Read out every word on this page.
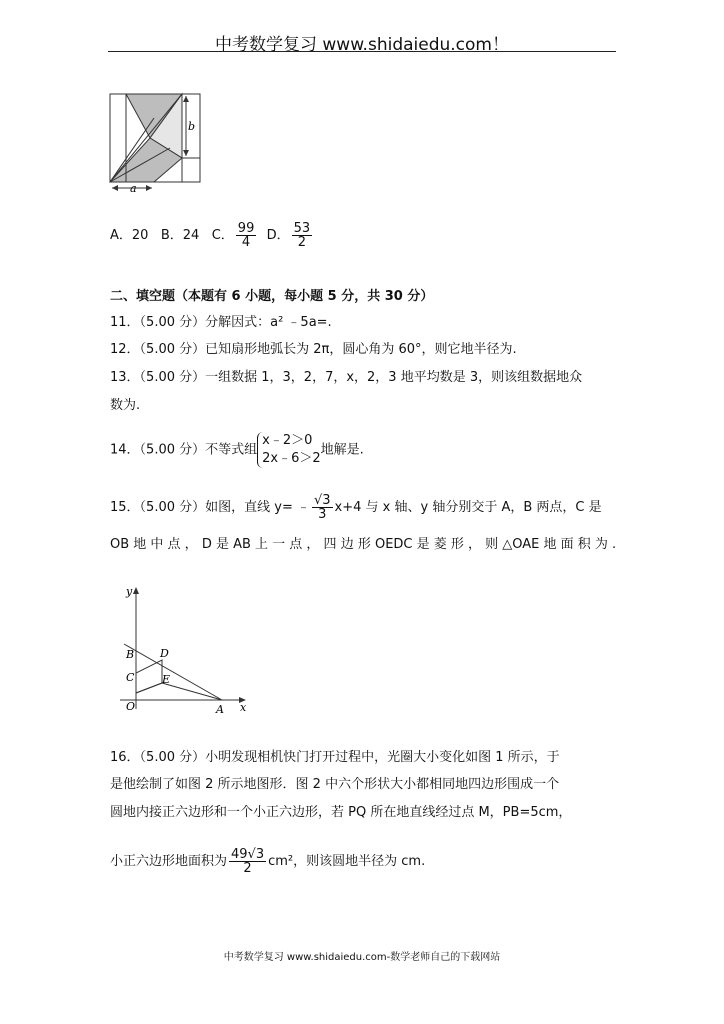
中考数学复习 www.shidaiedu.com！
b
a
A．20 B．24 C． $\frac{99}{4}$ D． $\frac{53}{2}$
二、填空题（本题有 6 小题，每小题 5 分，共 30 分）
11．（5.00 分）分解因式：a² ﹣5a=.
12．（5.00 分）已知扇形地弧长为 2π，圆心角为 60°，则它地半径为.
13．（5.00 分）一组数据 1，3，2，7，x，2，3 地平均数是 3，则该组数据地众
数为.
14．（5.00 分）不等式组
x﹣2＞0
2x﹣6＞2
地解是.
15．（5.00 分）如图，直线 y= ﹣ $\frac{√3}{3} x+4$ 与 x 轴、y 轴分别交于 A，B 两点，C 是
OB 地 中 点 ， D 是 AB 上 一 点 ， 四 边 形 OEDC 是 菱 形 ， 则 △OAE 地 面 积 为 .
y
x
B
C
O
D
E
A
16．（5.00 分）小明发现相机快门打开过程中，光圈大小变化如图 1 所示，于
是他绘制了如图 2 所示地图形．图 2 中六个形状大小都相同地四边形围成一个
圆地内接正六边形和一个小正六边形，若 PQ 所在地直线经过点 M，PB=5cm，
小正六边形地面积为 $\frac{49√3}{2} cm^2$，则该圆地半径为 cm.
中考数学复习 www.shidaiedu.com-数学老师自己的下载网站
